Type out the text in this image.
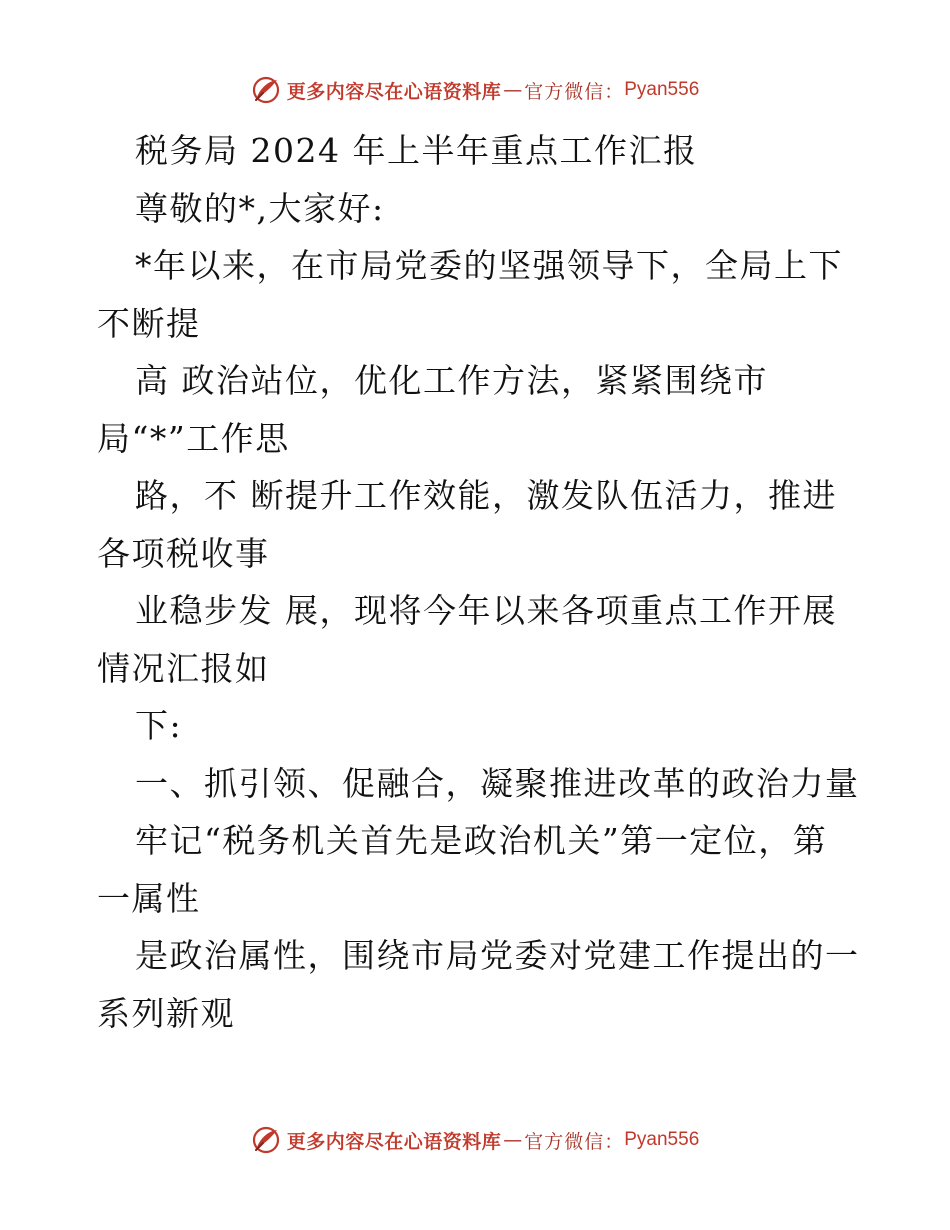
更多内容尽在心语资料库 — 官方微信： Pyan556
税务局 2024 年上半年重点工作汇报
尊敬的*,大家好:
*年以来，在市局党委的坚强领导下，全局上下
不断提
高 政治站位，优化工作方法，紧紧围绕市
局“*”工作思
路，不 断提升工作效能，激发队伍活力，推进
各项税收事
业稳步发 展，现将今年以来各项重点工作开展
情况汇报如
下:
一、抓引领、促融合，凝聚推进改革的政治力量
牢记“税务机关首先是政治机关”第一定位，第
一属性
是政治属性，围绕市局党委对党建工作提出的一
系列新观
更多内容尽在心语资料库 — 官方微信： Pyan556
